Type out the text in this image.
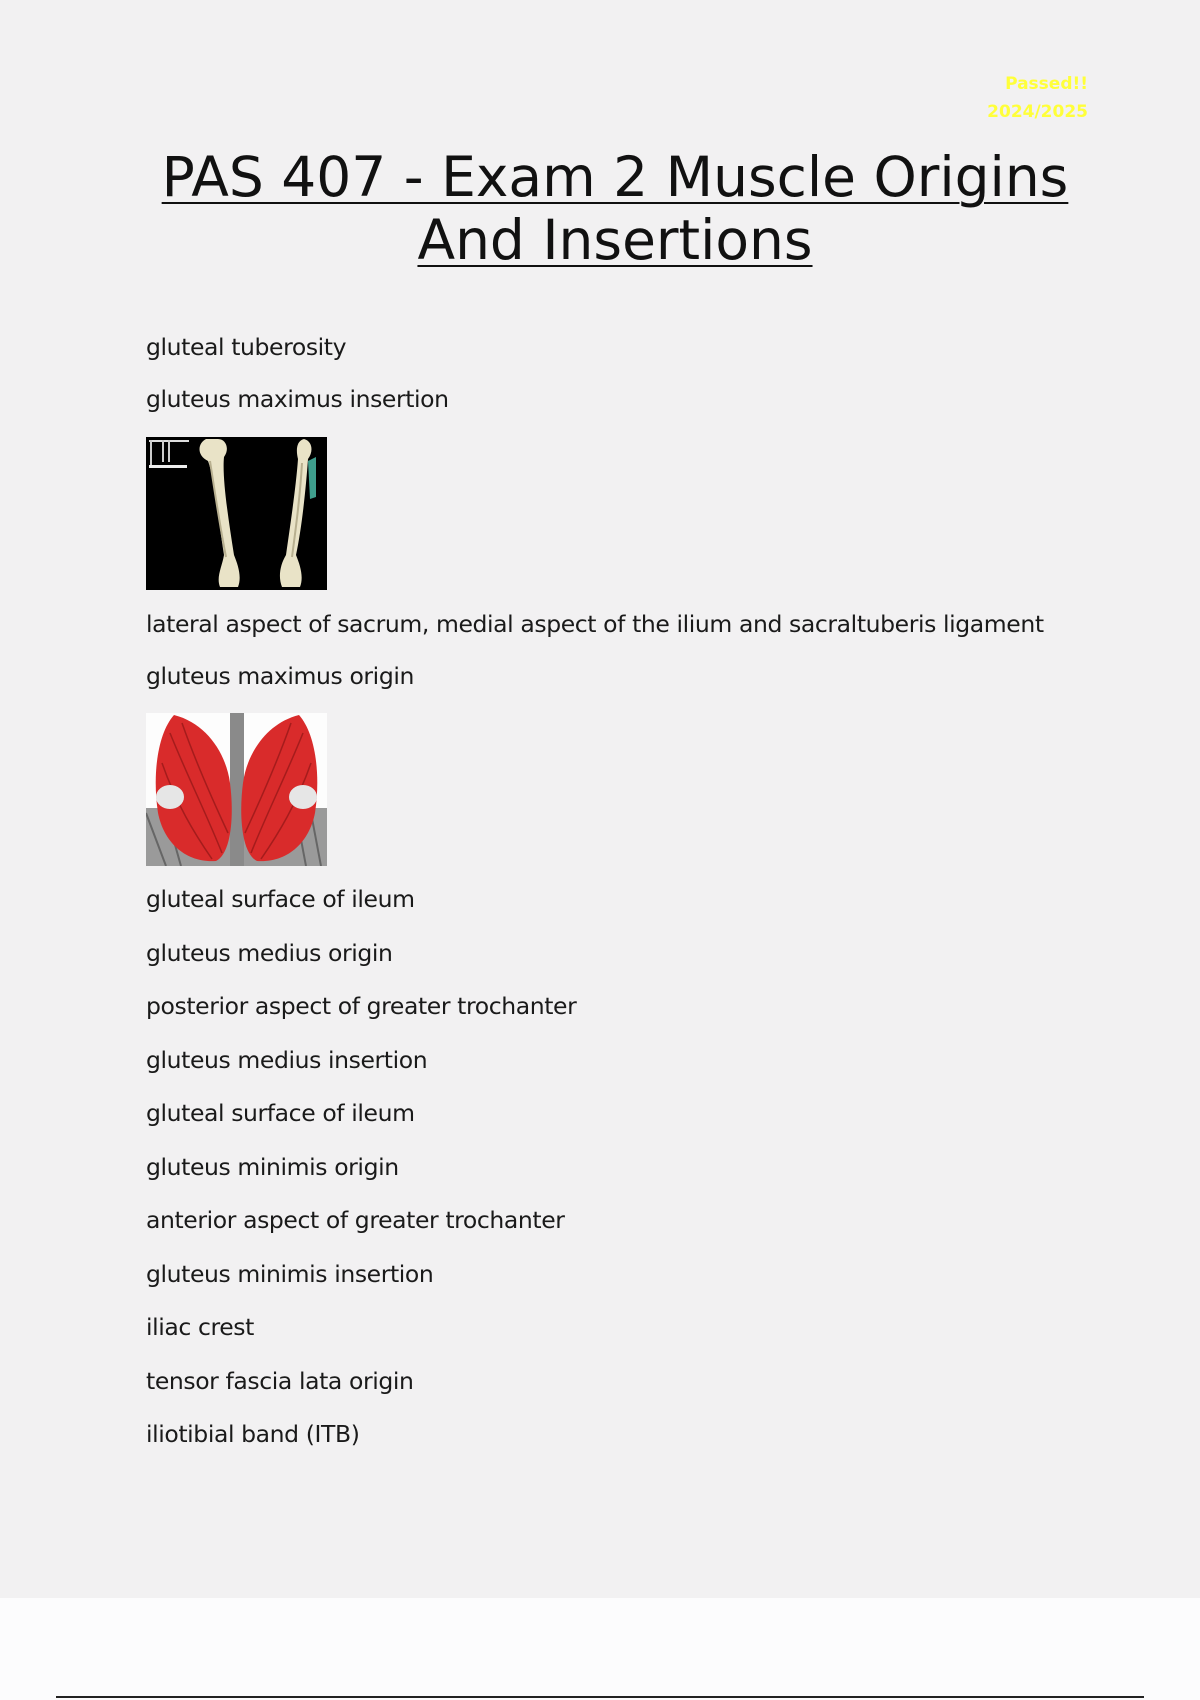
Passed!!
2024/2025
PAS 407 - Exam 2 Muscle Origins And Insertions
gluteal tuberosity
gluteus maximus insertion
lateral aspect of sacrum, medial aspect of the ilium and sacraltuberis ligament
gluteus maximus origin
gluteal surface of ileum
gluteus medius origin
posterior aspect of greater trochanter
gluteus medius insertion
gluteal surface of ileum
gluteus minimis origin
anterior aspect of greater trochanter
gluteus minimis insertion
iliac crest
tensor fascia lata origin
iliotibial band (ITB)
